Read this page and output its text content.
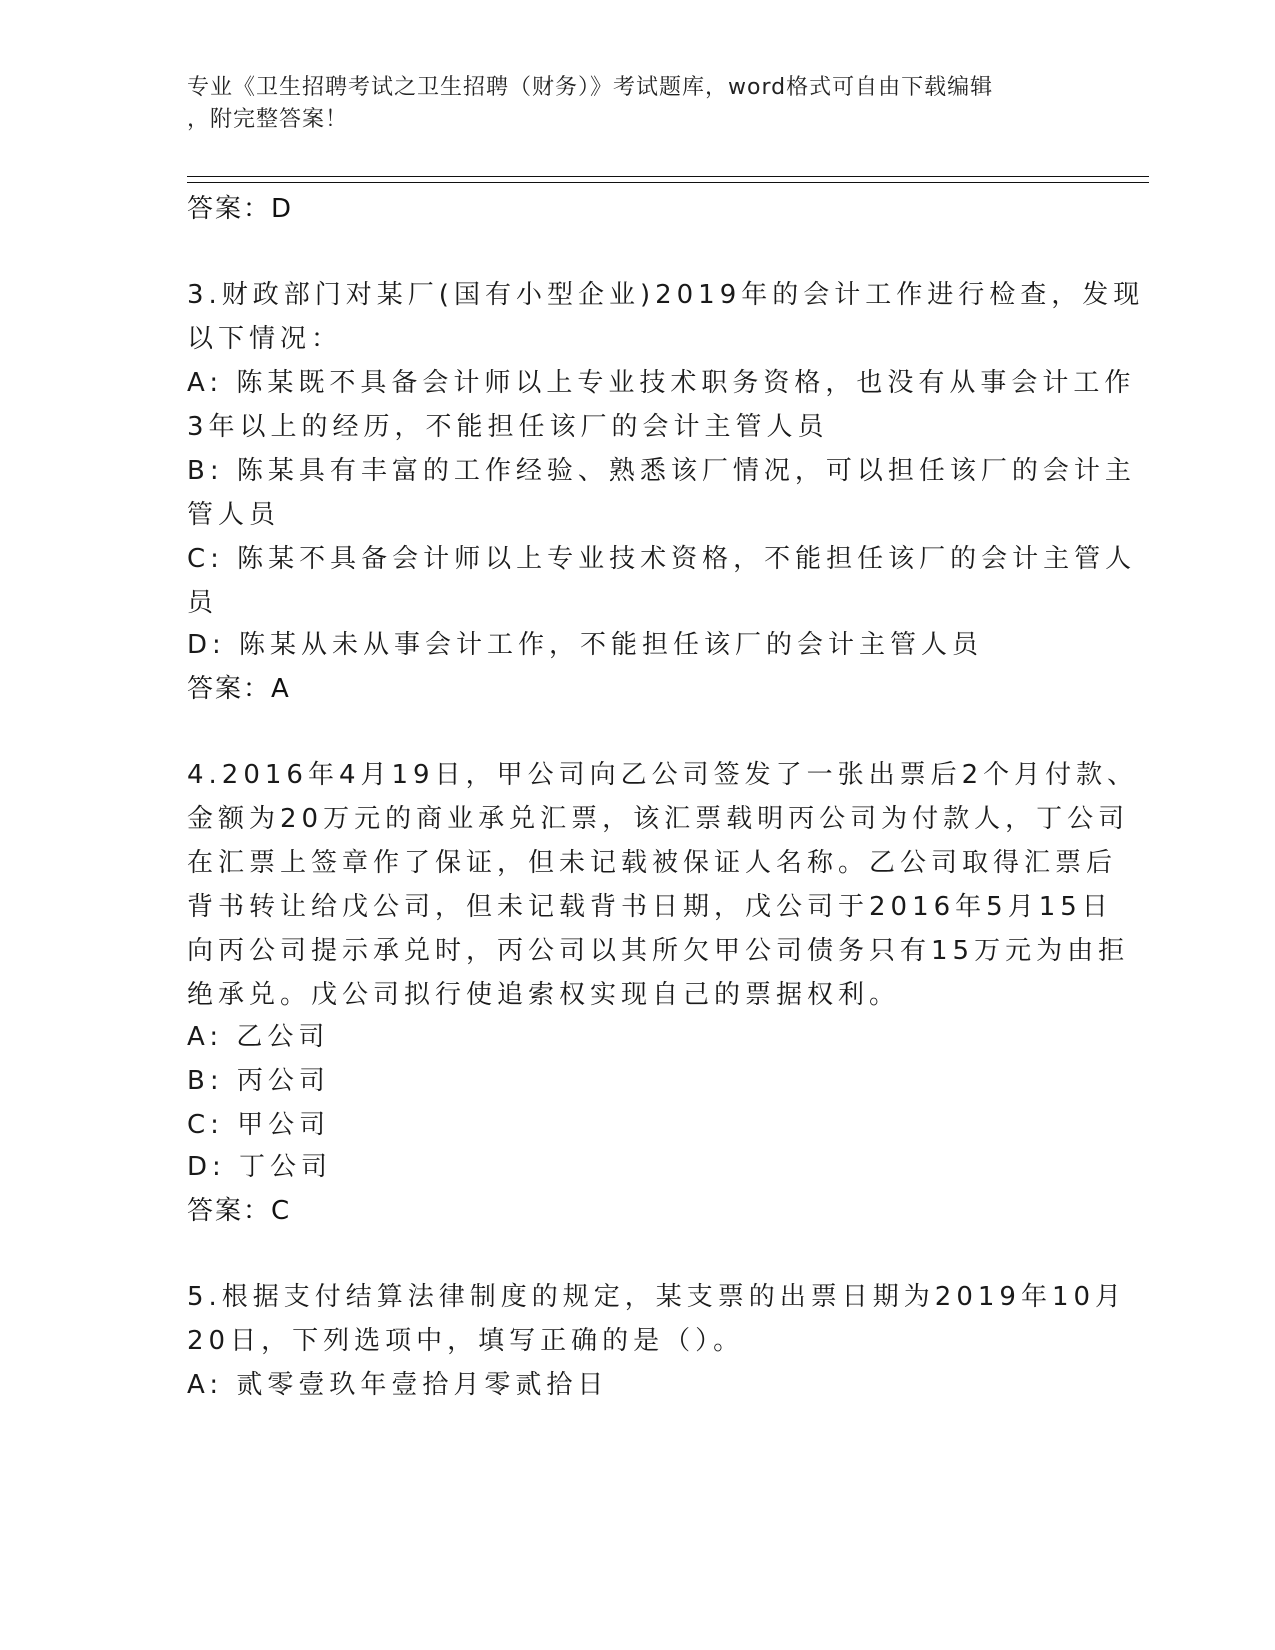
专业《卫生招聘考试之卫生招聘（财务）》考试题库，word格式可自由下载编辑
，附完整答案！
答案：D
3.财政部门对某厂(国有小型企业)2019年的会计工作进行检查，发现
以下情况：
A: 陈某既不具备会计师以上专业技术职务资格，也没有从事会计工作
3年以上的经历，不能担任该厂的会计主管人员
B: 陈某具有丰富的工作经验、熟悉该厂情况，可以担任该厂的会计主
管人员
C: 陈某不具备会计师以上专业技术资格，不能担任该厂的会计主管人
员
D: 陈某从未从事会计工作，不能担任该厂的会计主管人员
答案：A
4.2016年4月19日，甲公司向乙公司签发了一张出票后2个月付款、
金额为20万元的商业承兑汇票，该汇票载明丙公司为付款人，丁公司
在汇票上签章作了保证，但未记载被保证人名称。乙公司取得汇票后
背书转让给戊公司，但未记载背书日期，戊公司于2016年5月15日
向丙公司提示承兑时，丙公司以其所欠甲公司债务只有15万元为由拒
绝承兑。戊公司拟行使追索权实现自己的票据权利。
A: 乙公司
B: 丙公司
C: 甲公司
D: 丁公司
答案：C
5.根据支付结算法律制度的规定，某支票的出票日期为2019年10月
20日，下列选项中，填写正确的是（）。
A: 贰零壹玖年壹拾月零贰拾日
